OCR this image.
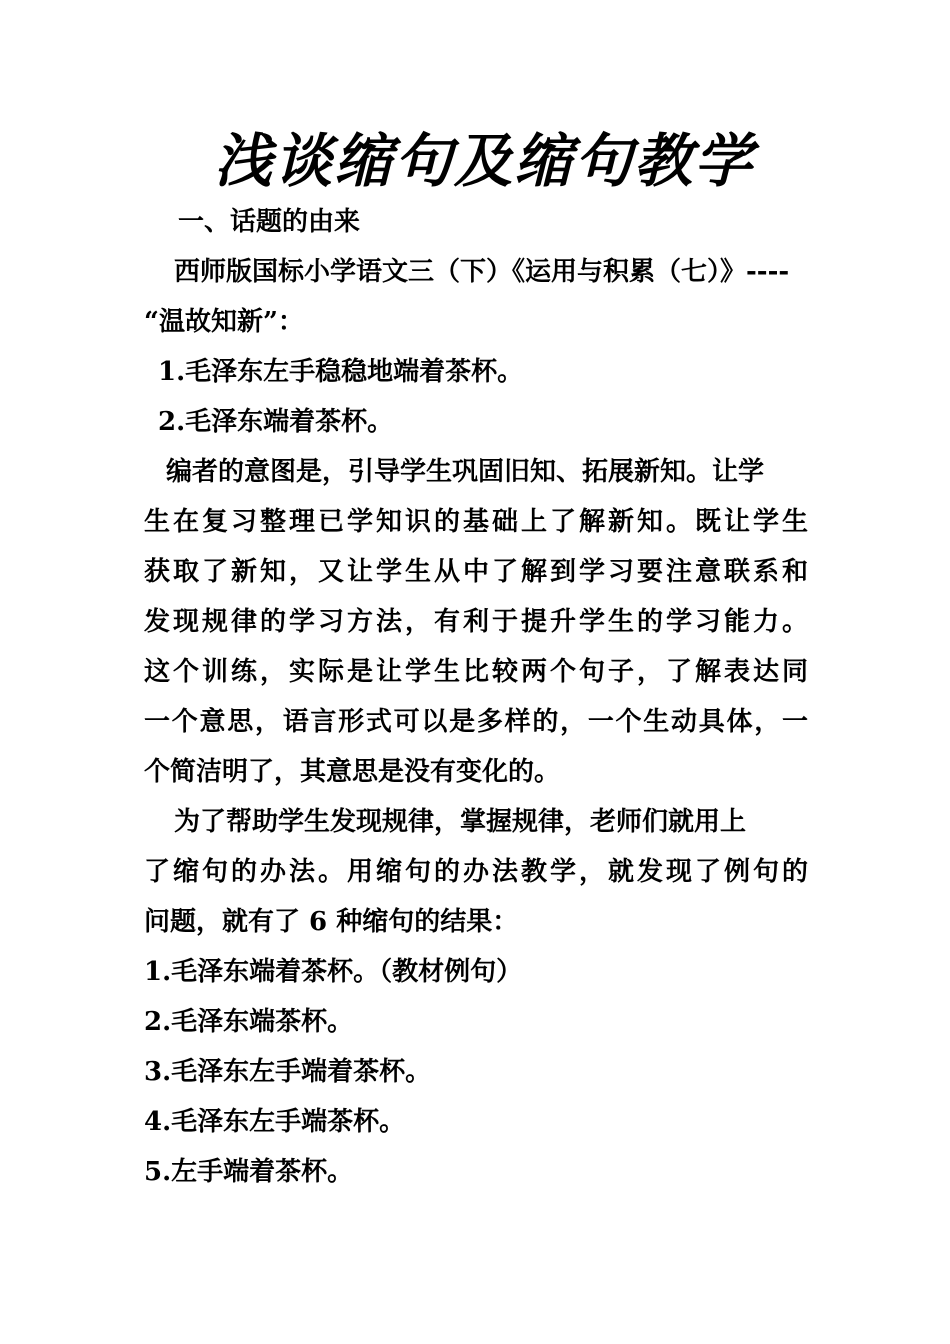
浅谈缩句及缩句教学
一、话题的由来
西师版国标小学语文三（下）《运用与积累（七）》----
“温故知新”：
1.毛泽东左手稳稳地端着茶杯。
2.毛泽东端着茶杯。
编者的意图是，引导学生巩固旧知、拓展新知。让学
生在复习整理已学知识的基础上了解新知。既让学生
获取了新知，又让学生从中了解到学习要注意联系和
发现规律的学习方法，有利于提升学生的学习能力。
这个训练，实际是让学生比较两个句子，了解表达同
一个意思，语言形式可以是多样的，一个生动具体，一
个简洁明了，其意思是没有变化的。
为了帮助学生发现规律，掌握规律，老师们就用上
了缩句的办法。用缩句的办法教学，就发现了例句的
问题，就有了 6 种缩句的结果：
1.毛泽东端着茶杯。（教材例句）
2.毛泽东端茶杯。
3.毛泽东左手端着茶杯。
4.毛泽东左手端茶杯。
5.左手端着茶杯。
